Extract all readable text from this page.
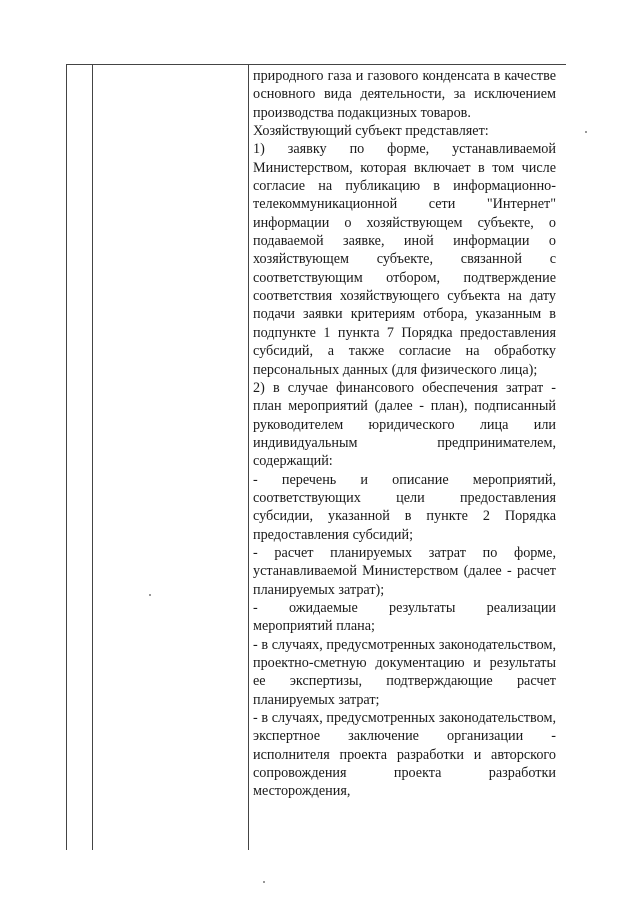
природного газа и газового конденсата в качестве основного вида деятельности, за исключением производства подакцизных товаров.

Хозяйствующий субъект представляет:

1) заявку по форме, устанавливаемой Министерством, которая включает в том числе согласие на публикацию в информационно-телекоммуникационной сети "Интернет" информации о хозяйствующем субъекте, о подаваемой заявке, иной информации о хозяйствующем субъекте, связанной с соответствующим отбором, подтверждение соответствия хозяйствующего субъекта на дату подачи заявки критериям отбора, указанным в подпункте 1 пункта 7 Порядка предоставления субсидий, а также согласие на обработку персональных данных (для физического лица);

2) в случае финансового обеспечения затрат - план мероприятий (далее - план), подписанный руководителем юридического лица или индивидуальным предпринимателем, содержащий:

- перечень и описание мероприятий, соответствующих цели предоставления субсидии, указанной в пункте 2 Порядка предоставления субсидий;

- расчет планируемых затрат по форме, устанавливаемой Министерством (далее - расчет планируемых затрат);

- ожидаемые результаты реализации мероприятий плана;

- в случаях, предусмотренных законодательством, проектно-сметную документацию и результаты ее экспертизы, подтверждающие расчет планируемых затрат;

- в случаях, предусмотренных законодательством, экспертное заключение организации - исполнителя проекта разработки и авторского сопровождения проекта разработки месторождения,
